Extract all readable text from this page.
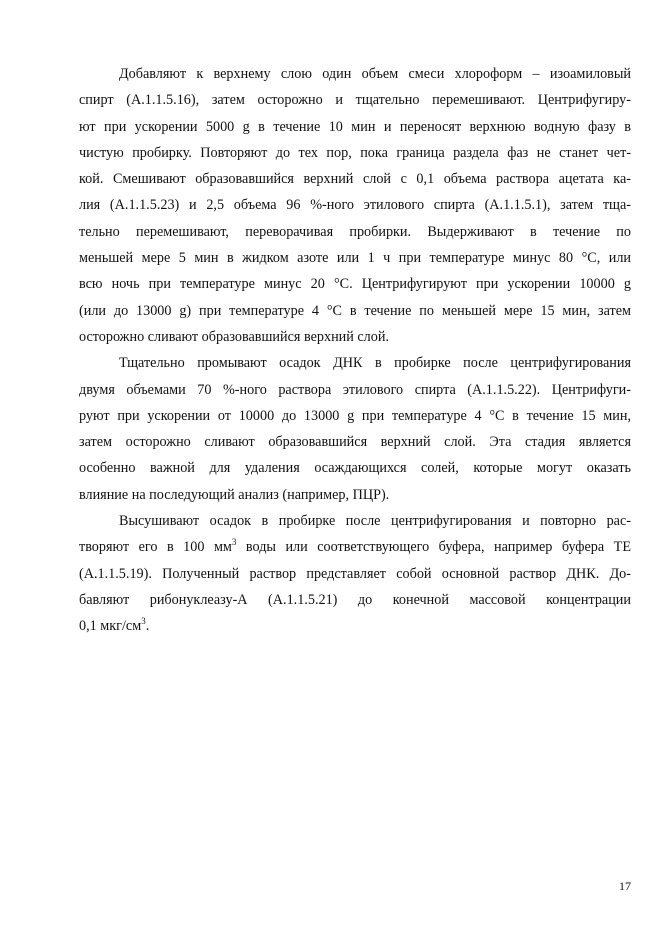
Добавляют к верхнему слою один объем смеси хлороформ – изоамиловый
спирт (А.1.1.5.16), затем осторожно и тщательно перемешивают. Центрифугиру-
ют при ускорении 5000 g в течение 10 мин и переносят верхнюю водную фазу в
чистую пробирку. Повторяют до тех пор, пока граница раздела фаз не станет чет-
кой. Смешивают образовавшийся верхний слой с 0,1 объема раствора ацетата ка-
лия (А.1.1.5.23) и 2,5 объема 96 %-ного этилового спирта (А.1.1.5.1), затем тща-
тельно перемешивают, переворачивая пробирки. Выдерживают в течение по
меньшей мере 5 мин в жидком азоте или 1 ч при температуре минус 80 °С, или
всю ночь при температуре минус 20 °С. Центрифугируют при ускорении 10000 g
(или до 13000 g) при температуре 4 °С в течение по меньшей мере 15 мин, затем
осторожно сливают образовавшийся верхний слой.
Тщательно промывают осадок ДНК в пробирке после центрифугирования
двумя объемами 70 %-ного раствора этилового спирта (А.1.1.5.22). Центрифуги-
руют при ускорении от 10000 до 13000 g при температуре 4 °С в течение 15 мин,
затем осторожно сливают образовавшийся верхний слой. Эта стадия является
особенно важной для удаления осаждающихся солей, которые могут оказать
влияние на последующий анализ (например, ПЦР).
Высушивают осадок в пробирке после центрифугирования и повторно рас-
творяют его в 100 $мм^3$ воды или соответствующего буфера, например буфера ТЕ
(А.1.1.5.19). Полученный раствор представляет собой основной раствор ДНК. До-
бавляют рибонуклеазу-А (А.1.1.5.21) до конечной массовой концентрации
0,1 мкг/$см^3$.
17
